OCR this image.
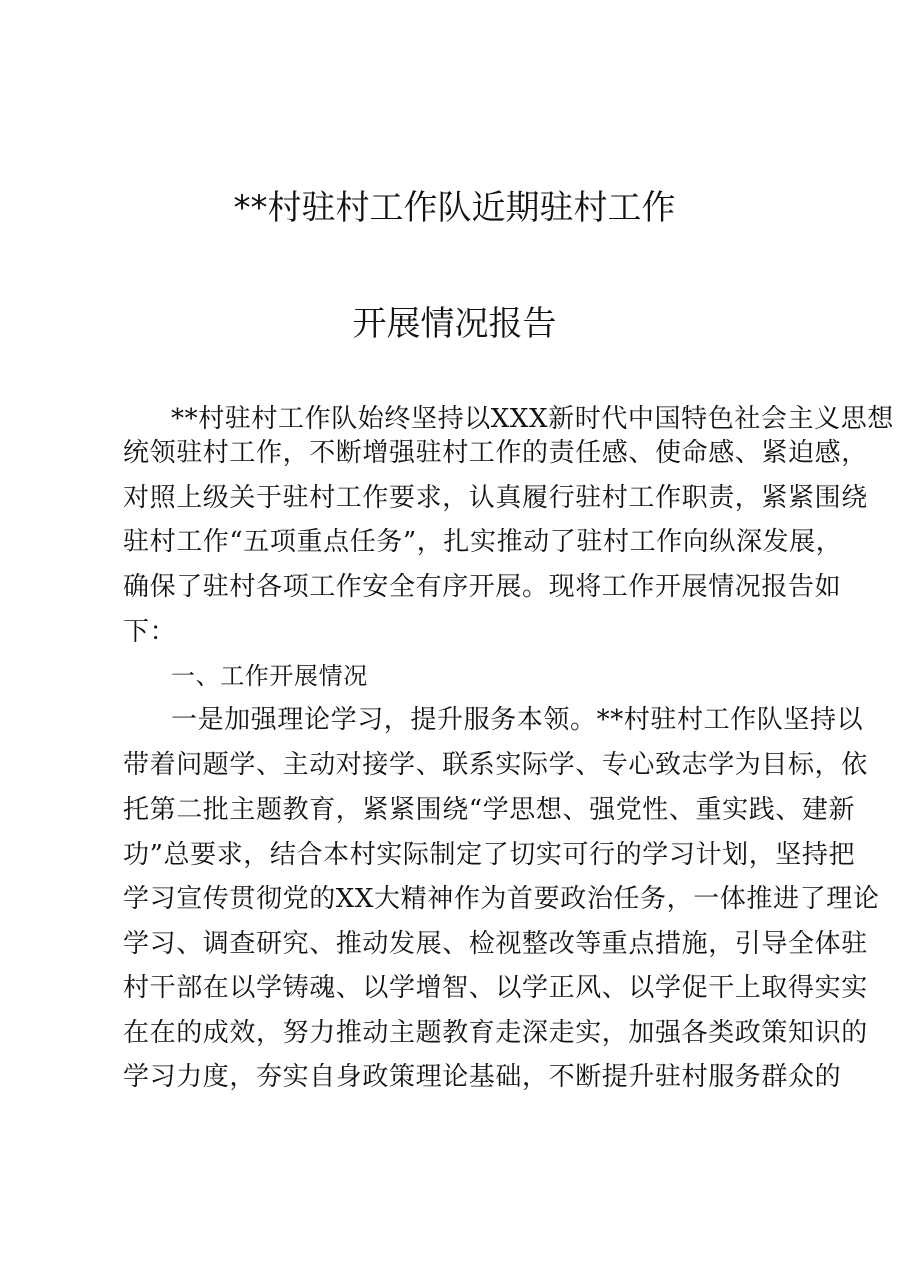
**村驻村工作队近期驻村工作
开展情况报告
**村驻村工作队始终坚持以XXX新时代中国特色社会主义思想
统领驻村工作，不断增强驻村工作的责任感、使命感、紧迫感，
对照上级关于驻村工作要求，认真履行驻村工作职责，紧紧围绕
驻村工作“五项重点任务”，扎实推动了驻村工作向纵深发展，
确保了驻村各项工作安全有序开展。现将工作开展情况报告如
下：
一、工作开展情况
一是加强理论学习，提升服务本领。**村驻村工作队坚持以
带着问题学、主动对接学、联系实际学、专心致志学为目标，依
托第二批主题教育，紧紧围绕“学思想、强党性、重实践、建新
功”总要求，结合本村实际制定了切实可行的学习计划，坚持把
学习宣传贯彻党的XX大精神作为首要政治任务，一体推进了理论
学习、调查研究、推动发展、检视整改等重点措施，引导全体驻
村干部在以学铸魂、以学增智、以学正风、以学促干上取得实实
在在的成效，努力推动主题教育走深走实，加强各类政策知识的
学习力度，夯实自身政策理论基础，不断提升驻村服务群众的
